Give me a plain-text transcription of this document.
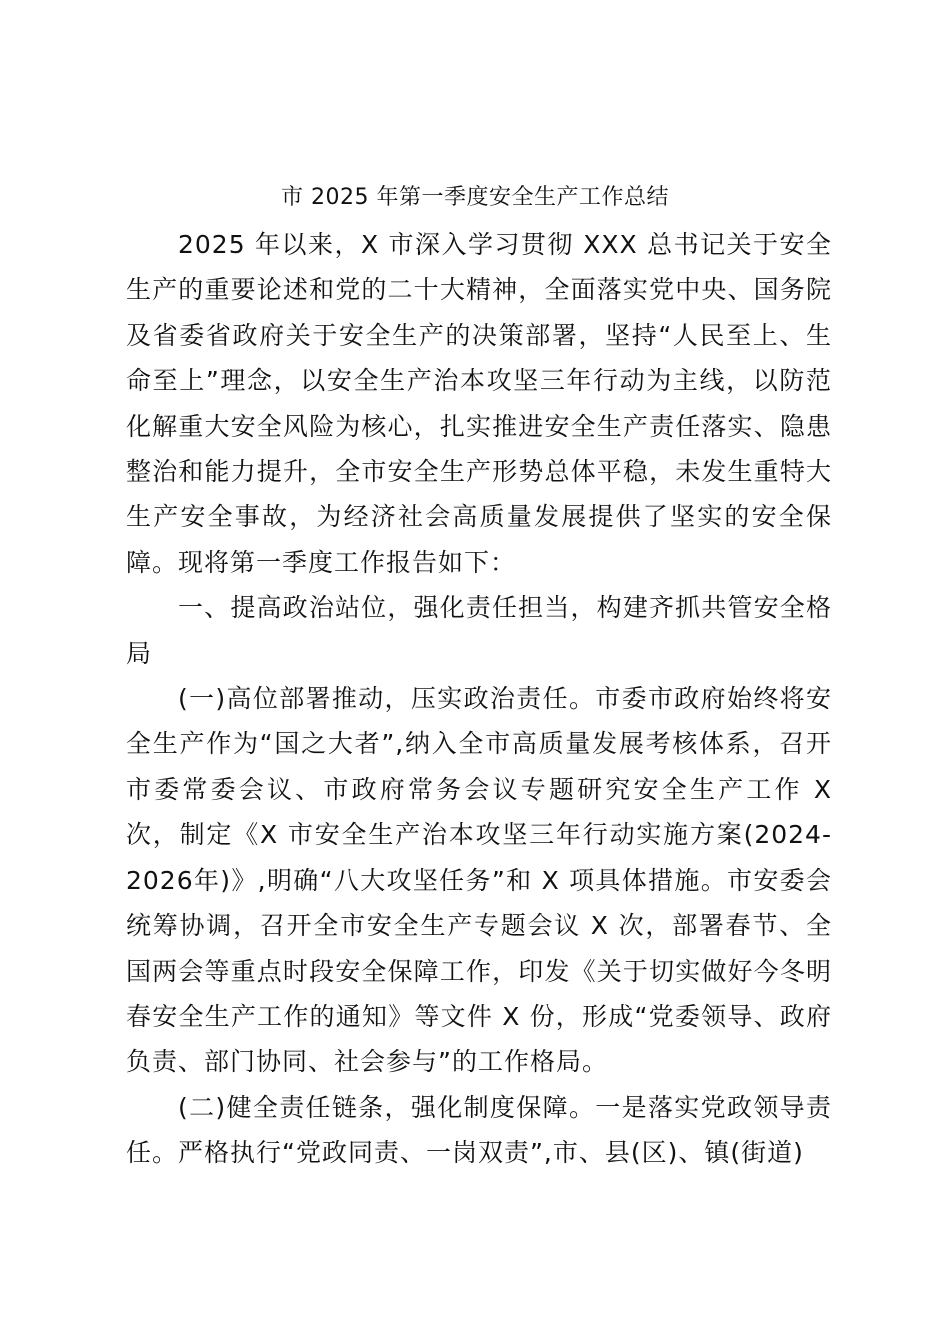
市 2025 年第一季度安全生产工作总结

2025 年以来，X 市深入学习贯彻 XXX 总书记关于安全生产的重要论述和党的二十大精神，全面落实党中央、国务院及省委省政府关于安全生产的决策部署，坚持“人民至上、生命至上”理念，以安全生产治本攻坚三年行动为主线，以防范化解重大安全风险为核心，扎实推进安全生产责任落实、隐患整治和能力提升，全市安全生产形势总体平稳，未发生重特大生产安全事故，为经济社会高质量发展提供了坚实的安全保障。现将第一季度工作报告如下：

一、提高政治站位，强化责任担当，构建齐抓共管安全格局

(一)高位部署推动，压实政治责任。市委市政府始终将安全生产作为“国之大者”,纳入全市高质量发展考核体系，召开市委常委会议、市政府常务会议专题研究安全生产工作 X 次，制定《X 市安全生产治本攻坚三年行动实施方案(2024-2026年)》,明确“八大攻坚任务”和 X 项具体措施。市安委会统筹协调，召开全市安全生产专题会议 X 次，部署春节、全国两会等重点时段安全保障工作，印发《关于切实做好今冬明春安全生产工作的通知》等文件 X 份，形成“党委领导、政府负责、部门协同、社会参与”的工作格局。

(二)健全责任链条，强化制度保障。一是落实党政领导责任。严格执行“党政同责、一岗双责”,市、县(区)、镇(街道)
